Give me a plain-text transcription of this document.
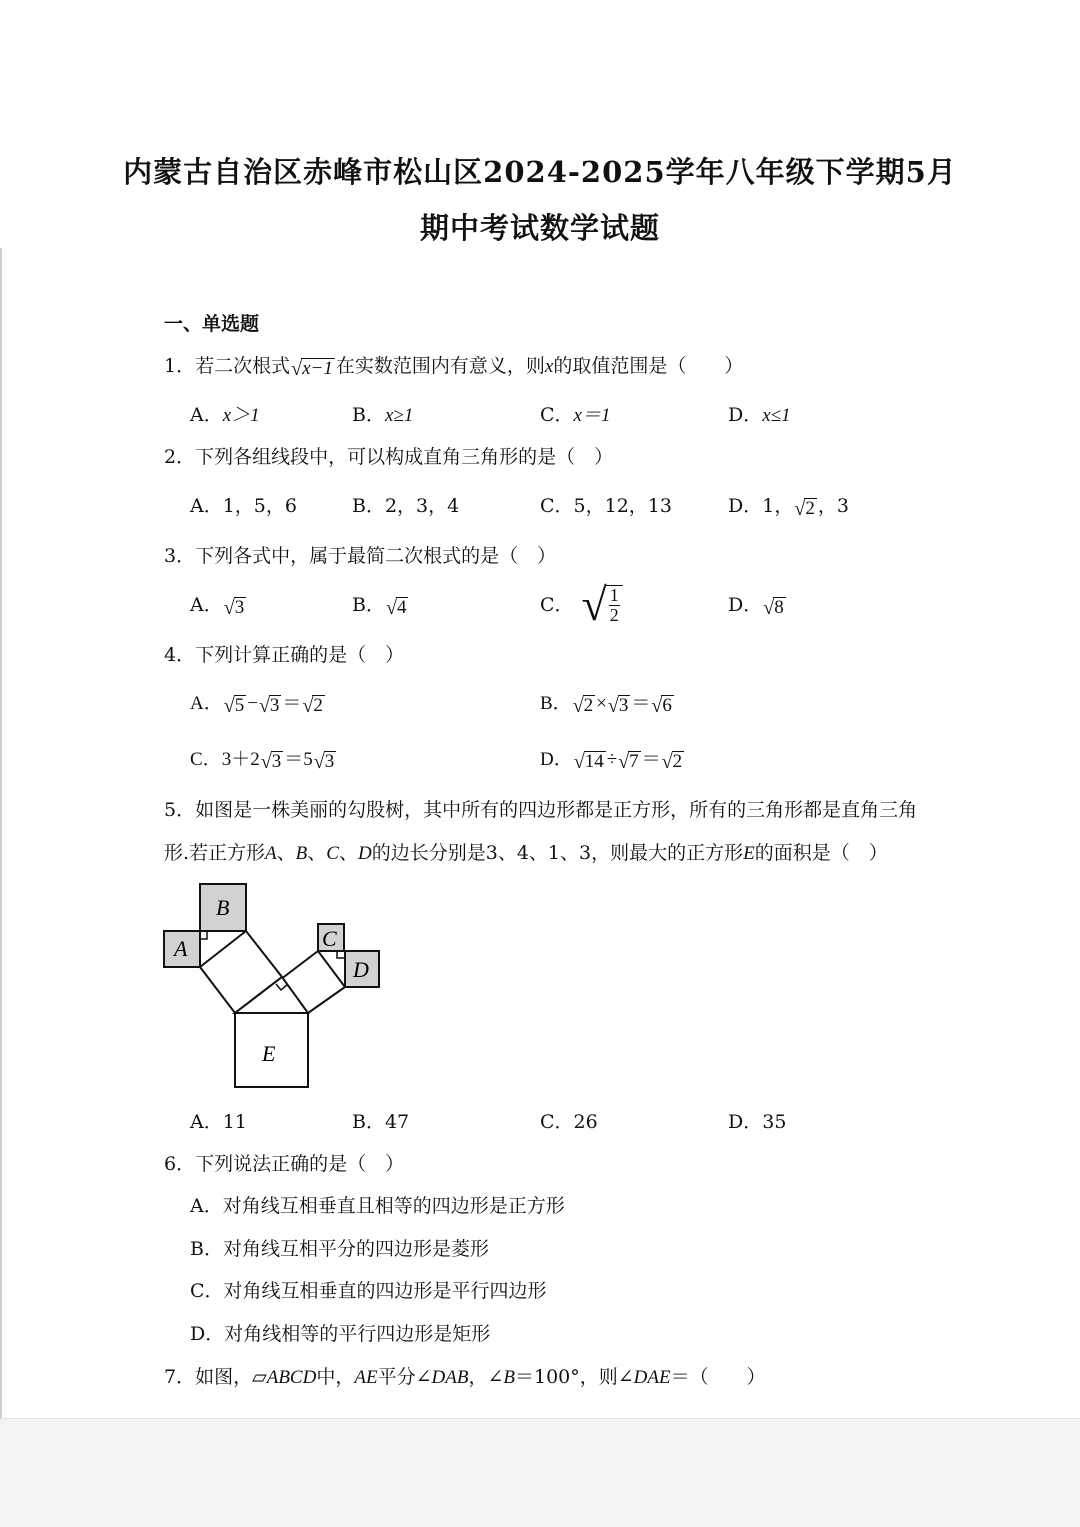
内蒙古自治区赤峰市松山区2024-2025学年八年级下学期5月
期中考试数学试题
一、单选题
1．若二次根式 √ x−1 在实数范围内有意义，则x的取值范围是（　　）
A．x＞1	B．x≥1	C．x＝1	D．x≤1
2．下列各组线段中，可以构成直角三角形的是（　）
A．1，5，6	B．2，3，4	C．5，12，13	D．1， √ 2 ，3
3．下列各式中，属于最简二次根式的是（　）
A． √ 3	B． √ 4	C． √ $\frac{1}{2}$	D． √ 8
4．下列计算正确的是（　）
A． √ 5 − √ 3 ＝ √ 2	B． √ 2 × √ 3 ＝ √ 6
C．3＋2 √ 3 ＝5 √ 3	D． √ 14 ÷ √ 7 ＝ √ 2
5．如图是一株美丽的勾股树，其中所有的四边形都是正方形，所有的三角形都是直角三角
形.若正方形A、B、C、D的边长分别是3、4、1、3，则最大的正方形E的面积是（　）
A
B
C
D
E
A．11	B．47	C．26	D．35
6．下列说法正确的是（　）
A．对角线互相垂直且相等的四边形是正方形
B．对角线互相平分的四边形是菱形
C．对角线互相垂直的四边形是平行四边形
D．对角线相等的平行四边形是矩形
7．如图，▱ABCD中，AE平分∠DAB，∠B＝100°，则∠DAE＝（　　）
